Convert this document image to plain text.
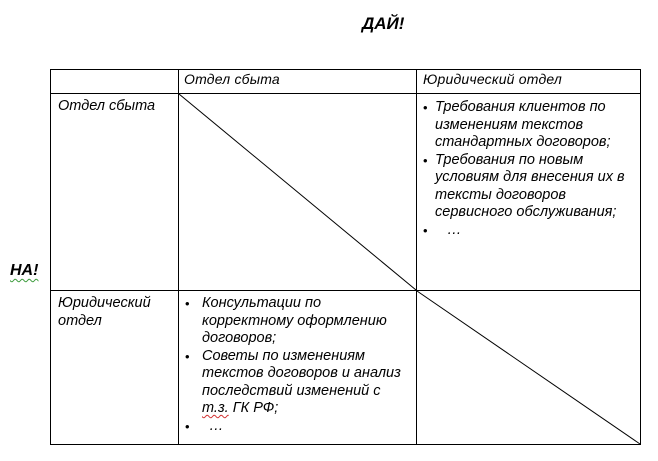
ДАЙ!
НА!
Отдел сбыта	Юридический отдел
Отдел сбыта
Юридический отдел
• Требования клиентов по изменениям текстов стандартных договоров;
• Требования по новым условиям для внесения их в тексты договоров сервисного обслуживания;
• …
• Консультации по корректному оформлению договоров;
• Советы по изменениям текстов договоров и анализ последствий изменений с т.з. ГК РФ;
• …
